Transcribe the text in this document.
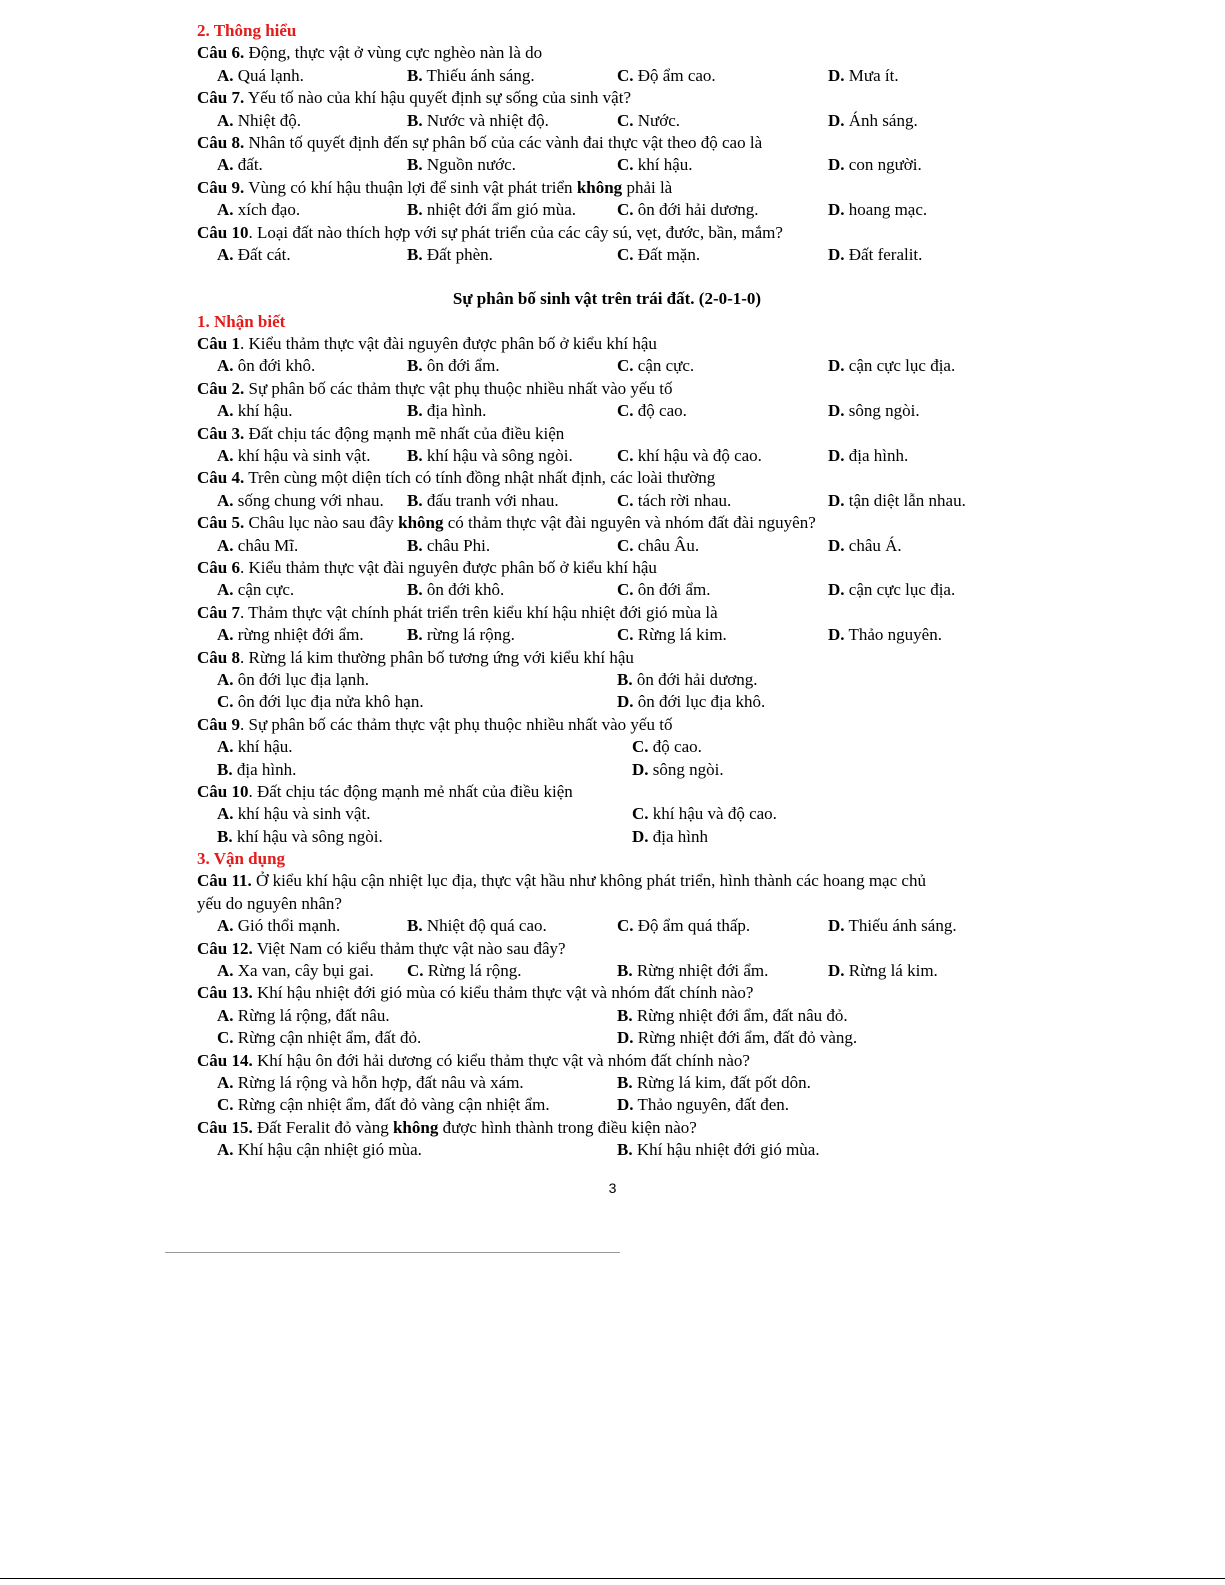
2. Thông hiểu
Câu 6. Động, thực vật ở vùng cực nghèo nàn là do
A. Quá lạnh.	B. Thiếu ánh sáng.	C. Độ ẩm cao.	D. Mưa ít.
Câu 7. Yếu tố nào của khí hậu quyết định sự sống của sinh vật?
A. Nhiệt độ.	B. Nước và nhiệt độ.	C. Nước.	D. Ánh sáng.
Câu 8. Nhân tố quyết định đến sự phân bố của các vành đai thực vật theo độ cao là
A. đất.	B. Nguồn nước.	C. khí hậu.	D. con người.
Câu 9. Vùng có khí hậu thuận lợi để sinh vật phát triển không phải là
A. xích đạo.	B. nhiệt đới ẩm gió mùa. C. ôn đới hải dương.	D. hoang mạc.
Câu 10. Loại đất nào thích hợp với sự phát triển của các cây sú, vẹt, đước, bần, mắm?
A. Đất cát.	B. Đất phèn.	C. Đất mặn.	D. Đất feralit.
Sự phân bố sinh vật trên trái đất. (2-0-1-0)
1. Nhận biết
Câu 1. Kiểu thảm thực vật đài nguyên được phân bố ở kiểu khí hậu
A. ôn đới khô.	B. ôn đới ẩm.	C. cận cực.	D. cận cực lục địa.
Câu 2. Sự phân bố các thảm thực vật phụ thuộc nhiều nhất vào yếu tố
A. khí hậu.	B. địa hình.	C. độ cao.	D. sông ngòi.
Câu 3. Đất chịu tác động mạnh mẽ nhất của điều kiện
A. khí hậu và sinh vật. B. khí hậu và sông ngòi.	C. khí hậu và độ cao.	D. địa hình.
Câu 4. Trên cùng một diện tích có tính đồng nhật nhất định, các loài thường
A. sống chung với nhau. B. đấu tranh với nhau.	C. tách rời nhau.	D. tận diệt lẫn nhau.
Câu 5. Châu lục nào sau đây không có thảm thực vật đài nguyên và nhóm đất đài nguyên?
A. châu Mĩ.	B. châu Phi.	C. châu Âu.	D. châu Á.
Câu 6. Kiểu thảm thực vật đài nguyên được phân bố ở kiểu khí hậu
A. cận cực.	B. ôn đới khô.	C. ôn đới ẩm.	D. cận cực lục địa.
Câu 7. Thảm thực vật chính phát triển trên kiểu khí hậu nhiệt đới gió mùa là
A. rừng nhiệt đới ẩm.	B. rừng lá rộng.	C. Rừng lá kim.	D. Thảo nguyên.
Câu 8. Rừng lá kim thường phân bố tương ứng với kiểu khí hậu
A. ôn đới lục địa lạnh.	B. ôn đới hải dương.
C. ôn đới lục địa nửa khô hạn.	D. ôn đới lục địa khô.
Câu 9. Sự phân bố các thảm thực vật phụ thuộc nhiều nhất vào yếu tố
A. khí hậu.	C. độ cao.
B. địa hình.	D. sông ngòi.
Câu 10. Đất chịu tác động mạnh mẻ nhất của điều kiện
A. khí hậu và sinh vật.	C. khí hậu và độ cao.
B. khí hậu và sông ngòi.	D. địa hình
3. Vận dụng
Câu 11. Ở kiểu khí hậu cận nhiệt lục địa, thực vật hầu như không phát triển, hình thành các hoang mạc chủ
yếu do nguyên nhân?
A. Gió thổi mạnh.	B. Nhiệt độ quá cao.	C. Độ ẩm quá thấp.	D. Thiếu ánh sáng.
Câu 12. Việt Nam có kiểu thảm thực vật nào sau đây?
A. Xa van, cây bụi gai. C. Rừng lá rộng.	B. Rừng nhiệt đới ẩm.	D. Rừng lá kim.
Câu 13. Khí hậu nhiệt đới gió mùa có kiểu thảm thực vật và nhóm đất chính nào?
A. Rừng lá rộng, đất nâu.	B. Rừng nhiệt đới ẩm, đất nâu đỏ.
C. Rừng cận nhiệt ẩm, đất đỏ.	D. Rừng nhiệt đới ẩm, đất đỏ vàng.
Câu 14. Khí hậu ôn đới hải dương có kiểu thảm thực vật và nhóm đất chính nào?
A. Rừng lá rộng và hỗn hợp, đất nâu và xám.	B. Rừng lá kim, đất pốt dôn.
C. Rừng cận nhiệt ẩm, đất đỏ vàng cận nhiệt ẩm.	D. Thảo nguyên, đất đen.
Câu 15. Đất Feralit đỏ vàng không được hình thành trong điều kiện nào?
A. Khí hậu cận nhiệt gió mùa.	B. Khí hậu nhiệt đới gió mùa.
3
